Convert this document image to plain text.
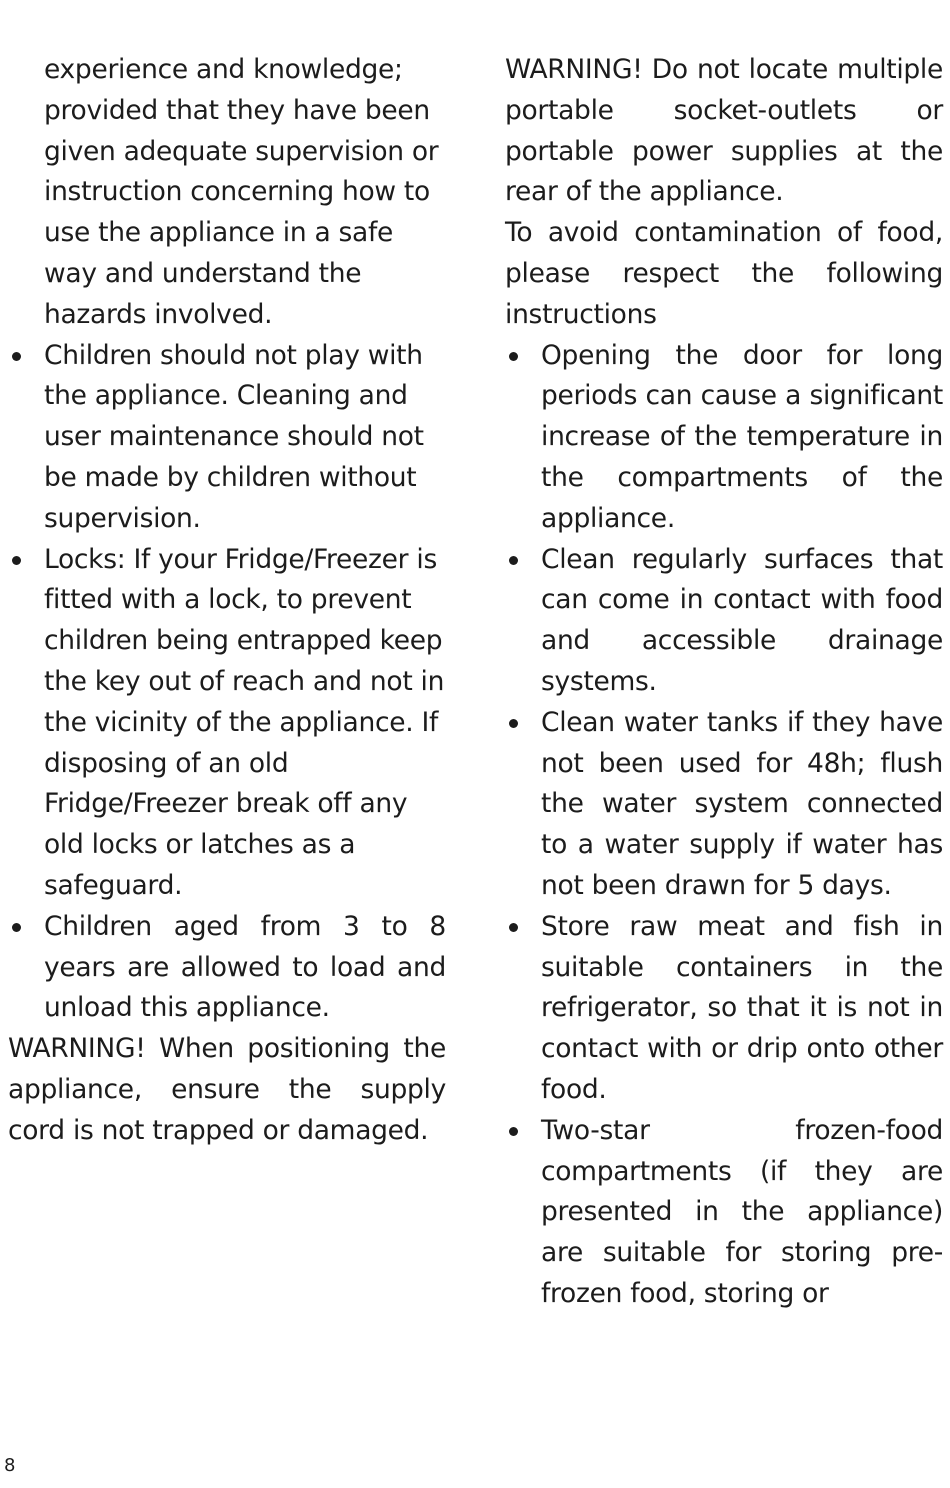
experience and knowledge; provided that they have been given adequate supervision or instruction concerning how to use the appliance in a safe way and understand the hazards involved.

Children should not play with the appliance. Cleaning and user maintenance should not be made by children without supervision.
Locks: If your Fridge/Freezer is fitted with a lock, to prevent children being entrapped keep the key out of reach and not in the vicinity of the appliance. If disposing of an old Fridge/Freezer break off any old locks or latches as a safeguard.
Children aged from 3 to 8 years are allowed to load and unload this appliance.

WARNING! When positioning the appliance, ensure the supply cord is not trapped or damaged.

WARNING! Do not locate multiple portable socket-outlets or portable power supplies at the rear of the appliance.

To avoid contamination of food, please respect the following instructions

Opening the door for long periods can cause a significant increase of the temperature in the compartments of the appliance.
Clean regularly surfaces that can come in contact with food and accessible drainage systems.
Clean water tanks if they have not been used for 48h; flush the water system connected to a water supply if water has not been drawn for 5 days.
Store raw meat and fish in suitable containers in the refrigerator, so that it is not in contact with or drip onto other food.
Two-star frozen-food compartments (if they are presented in the appliance) are suitable for storing pre-frozen food, storing or
8
